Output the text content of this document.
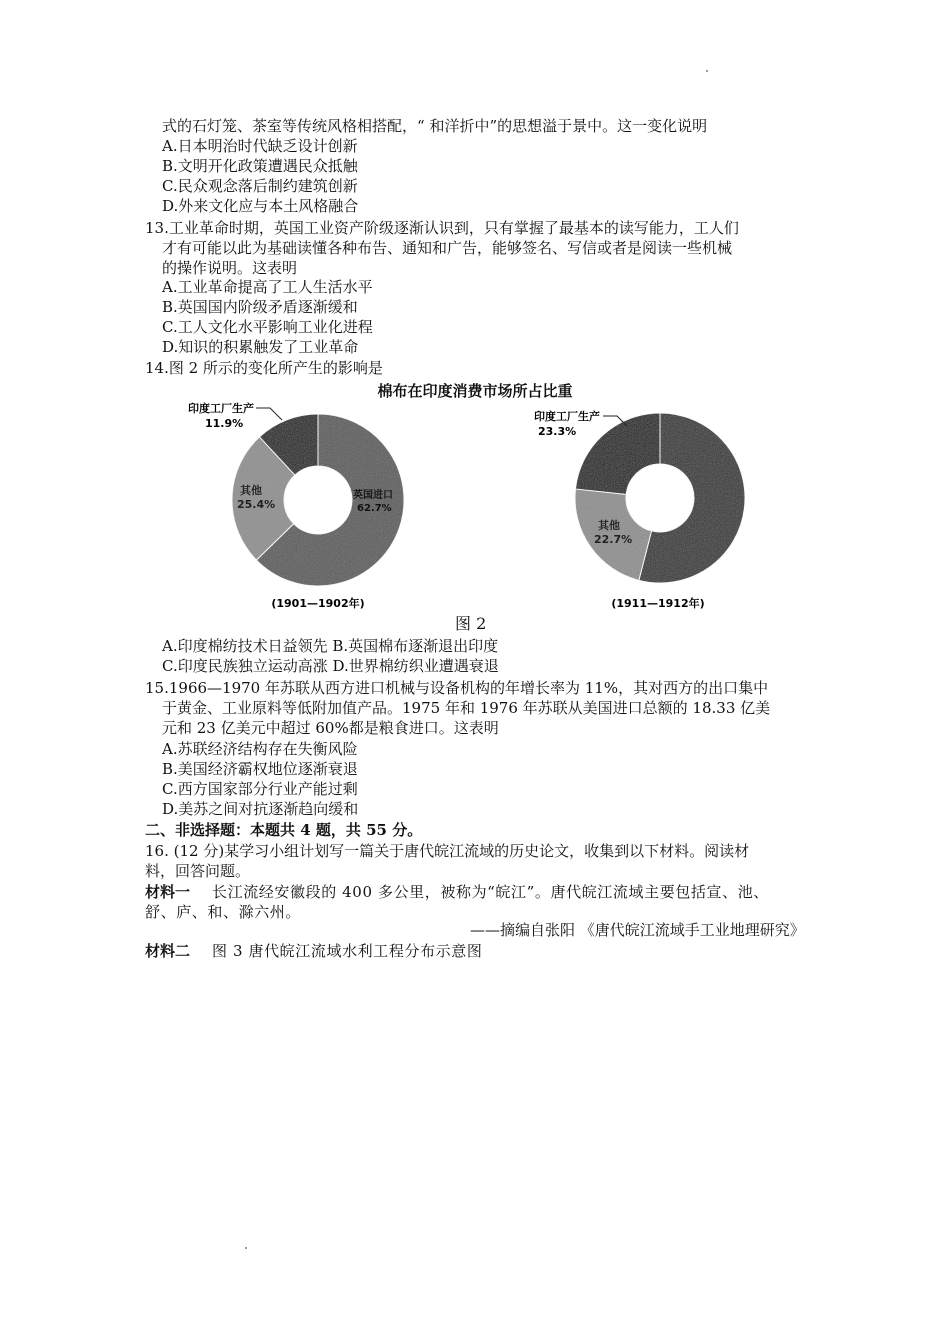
式的石灯笼、茶室等传统风格相搭配，“ 和洋折中”的思想溢于景中。这一变化说明
A.日本明治时代缺乏设计创新
B.文明开化政策遭遇民众抵触
C.民众观念落后制约建筑创新
D.外来文化应与本土风格融合
13.工业革命时期，英国工业资产阶级逐渐认识到，只有掌握了最基本的读写能力，工人们
才有可能以此为基础读懂各种布告、通知和广告，能够签名、写信或者是阅读一些机械
的操作说明。这表明
A.工业革命提高了工人生活水平
B.英国国内阶级矛盾逐渐缓和
C.工人文化水平影响工业化进程
D.知识的积累触发了工业革命
14.图 2 所示的变化所产生的影响是
棉布在印度消费市场所占比重
印度工厂生产
11.9%
其他
25.4%
英国进口
62.7%
(1901—1902年)
印度工厂生产
23.3%
其他
22.7%
(1911—1912年)
图 2
A.印度棉纺技术日益领先 B.英国棉布逐渐退出印度
C.印度民族独立运动高涨 D.世界棉纺织业遭遇衰退
15.1966—1970 年苏联从西方进口机械与设备机构的年增长率为 11%，其对西方的出口集中
于黄金、工业原料等低附加值产品。1975 年和 1976 年苏联从美国进口总额的 18.33 亿美
元和 23 亿美元中超过 60%都是粮食进口。这表明
A.苏联经济结构存在失衡风险
B.美国经济霸权地位逐渐衰退
C.西方国家部分行业产能过剩
D.美苏之间对抗逐渐趋向缓和
二、非选择题：本题共 4 题，共 55 分。
16. (12 分)某学习小组计划写一篇关于唐代皖江流域的历史论文，收集到以下材料。阅读材
料，回答问题。
材料一 长江流经安徽段的 400 多公里，被称为“皖江”。唐代皖江流域主要包括宣、池、
舒、庐、和、滁六州。
——摘编自张阳 《唐代皖江流域手工业地理研究》
材料二 图 3 唐代皖江流域水利工程分布示意图
